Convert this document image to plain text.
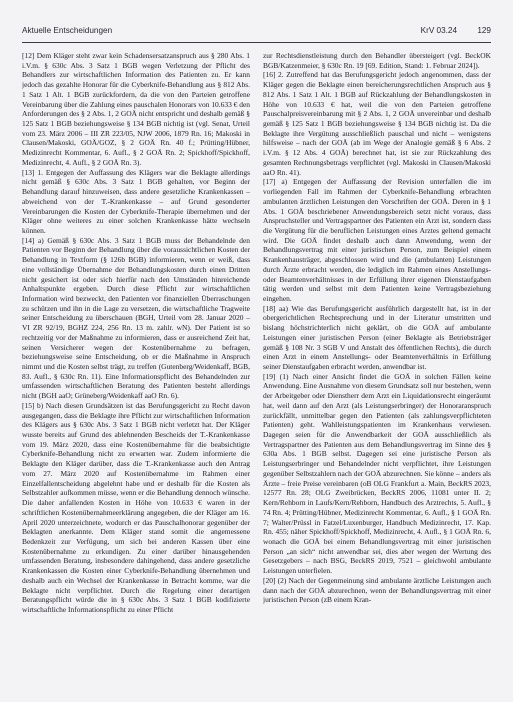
Aktuelle Entscheidungen	KrV 03.24 129

[12] Dem Kläger steht zwar kein Schadensersatzanspruch aus § 280 Abs. 1 i.V.m. § 630c Abs. 3 Satz 1 BGB wegen Verletzung der Pflicht des Behandlers zur wirtschaftlichen Information des Patienten zu. Er kann jedoch das gezahlte Honorar für die Cyberknife-Behandlung aus § 812 Abs. 1 Satz 1 Alt. 1 BGB zurückfordern, da die von den Parteien getroffene Vereinbarung über die Zahlung eines pauschalen Honorars von 10.633 € den Anforderungen des § 2 Abs. 1, 2 GOÄ nicht entspricht und deshalb gemäß § 125 Satz 1 BGB beziehungsweise § 134 BGB nichtig ist (vgl. Senat, Urteil vom 23. März 2006 – III ZR 223/05, NJW 2006, 1879 Rn. 16; Makoski in Clausen/Makoski, GOÄ/GOZ, § 2 GOÄ Rn. 40 f.; Prütting/Hübner, Medizinrecht Kommentar, 6. Aufl., § 2 GOÄ Rn. 2; Spickhoff/Spickhoff, Medizinrecht, 4. Aufl., § 2 GOÄ Rn. 3).

[13] 1. Entgegen der Auffassung des Klägers war die Beklagte allerdings nicht gemäß § 630c Abs. 3 Satz 1 BGB gehalten, vor Beginn der Behandlung darauf hinzuweisen, dass andere gesetzliche Krankenkassen – abweichend von der T.-Krankenkasse – auf Grund gesonderter Vereinbarungen die Kosten der Cyberknife-Therapie übernehmen und der Kläger ohne weiteres zu einer solchen Krankenkasse hätte wechseln können.

[14] a) Gemäß § 630c Abs. 3 Satz 1 BGB muss der Behandelnde den Patienten vor Beginn der Behandlung über die voraussichtlichen Kosten der Behandlung in Textform (§ 126b BGB) informieren, wenn er weiß, dass eine vollständige Übernahme der Behandlungskosten durch einen Dritten nicht gesichert ist oder sich hierfür nach den Umständen hinreichende Anhaltspunkte ergeben. Durch diese Pflicht zur wirtschaftlichen Information wird bezweckt, den Patienten vor finanziellen Überraschungen zu schützen und ihn in die Lage zu versetzen, die wirtschaftliche Tragweite seiner Entscheidung zu überschauen (BGH, Urteil vom 28. Januar 2020 – VI ZR 92/19, BGHZ 224, 256 Rn. 13 m. zahlr. wN). Der Patient ist so rechtzeitig vor der Maßnahme zu informieren, dass er ausreichend Zeit hat, seinen Versicherer wegen der Kostenübernahme zu befragen, beziehungsweise seine Entscheidung, ob er die Maßnahme in Anspruch nimmt und die Kosten selbst trägt, zu treffen (Gutenberg/Weidenkaff, BGB, 83. Aufl., § 630c Rn. 11). Eine Informationspflicht des Behandelnden zur umfassenden wirtschaftlichen Beratung des Patienten besteht allerdings nicht (BGH aaO; Grüneberg/Weidenkaff aaO Rn. 6).

[15] b) Nach diesen Grundsätzen ist das Berufungsgericht zu Recht davon ausgegangen, dass die Beklagte ihre Pflicht zur wirtschaftlichen Information des Klägers aus § 630c Abs. 3 Satz 1 BGB nicht verletzt hat. Der Kläger wusste bereits auf Grund des ablehnenden Bescheids der T.-Krankenkasse vom 19. März 2020, dass eine Kostenübernahme für die beabsichtigte Cyberknife-Behandlung nicht zu erwarten war. Zudem informierte die Beklagte den Kläger darüber, dass die T.-Krankenkasse auch den Antrag vom 27. März 2020 auf Kostenübernahme im Rahmen einer Einzelfallentscheidung abgelehnt habe und er deshalb für die Kosten als Selbstzahler aufkommen müsse, wenn er die Behandlung dennoch wünsche. Die daher anfallenden Kosten in Höhe von 10.633 € waren in der schriftlichen Kostenübernahmeerklärung angegeben, die der Kläger am 16. April 2020 unterzeichnete, wodurch er das Pauschalhonorar gegenüber der Beklagten anerkannte. Dem Kläger stand somit die angemessene Bedenkzeit zur Verfügung, um sich bei anderen Kassen über eine Kostenübernahme zu erkundigen. Zu einer darüber hinausgehenden umfassenden Beratung, insbesondere dahingehend, dass andere gesetzliche Krankenkassen die Kosten einer Cyberknife-Behandlung übernehmen und deshalb auch ein Wechsel der Krankenkasse in Betracht komme, war die Beklagte nicht verpflichtet. Durch die Regelung einer derartigen Beratungspflicht würde die in § 630c Abs. 3 Satz 1 BGB kodifizierte wirtschaftliche Informationspflicht zu einer Pflicht

zur Rechtsdienstleistung durch den Behandler übersteigert (vgl. BeckOK BGB/Katzenmeier, § 630c Rn. 19 [69. Edition, Stand: 1. Februar 2024]).

[16] 2. Zutreffend hat das Berufungsgericht jedoch angenommen, dass der Kläger gegen die Beklagte einen bereicherungsrechtlichen Anspruch aus § 812 Abs. 1 Satz 1 Alt. 1 BGB auf Rückzahlung der Behandlungskosten in Höhe von 10.633 € hat, weil die von den Parteien getroffene Pauschalpreisvereinbarung mit § 2 Abs. 1, 2 GOÄ unvereinbar und deshalb gemäß § 125 Satz 1 BGB beziehungsweise § 134 BGB nichtig ist. Da die Beklagte ihre Vergütung ausschließlich pauschal und nicht – wenigstens hilfsweise – nach der GOÄ (ab im Wege der Analogie gemäß § 6 Abs. 2 i.V.m. § 12 Abs. 4 GOÄ) berechnet hat, ist sie zur Rückzahlung des gesamten Rechnungsbetrags verpflichtet (vgl. Makoski in Clausen/Makoski aaO Rn. 41).

[17] a) Entgegen der Auffassung der Revision unterfallen die im vorliegenden Fall im Rahmen der Cyberknife-Behandlung erbrachten ambulanten ärztlichen Leistungen den Vorschriften der GOÄ. Deren in § 1 Abs. 1 GOÄ beschriebener Anwendungsbereich setzt nicht voraus, dass Anspruchsteller und Vertragspartner des Patienten ein Arzt ist, sondern dass die Vergütung für die beruflichen Leistungen eines Arztes geltend gemacht wird. Die GOÄ findet deshalb auch dann Anwendung, wenn der Behandlungsvertrag mit einer juristischen Person, zum Beispiel einem Krankenhausträger, abgeschlossen wird und die (ambulanten) Leistungen durch Ärzte erbracht werden, die lediglich im Rahmen eines Anstellungs- oder Beamtenverhältnisses in der Erfüllung ihrer eigenen Dienstaufgaben tätig werden und selbst mit dem Patienten keine Vertragsbeziehung eingehen.

[18] aa) Wie das Berufungsgericht ausführlich dargestellt hat, ist in der obergerichtlichen Rechtsprechung und in der Literatur umstritten und bislang höchstrichterlich nicht geklärt, ob die GOÄ auf ambulante Leistungen einer juristischen Person (einer Beklagte als Betriebsträger gemäß § 108 Nr. 3 SGB V und Anstalt des öffentlichen Rechts), die durch einen Arzt in einem Anstellungs- oder Beamtenverhältnis in Erfüllung seiner Dienstaufgaben erbracht werden, anwendbar ist.

[19] (1) Nach einer Ansicht findet die GOÄ in solchen Fällen keine Anwendung. Eine Ausnahme von diesem Grundsatz soll nur bestehen, wenn der Arbeitgeber oder Dienstherr dem Arzt ein Liquidationsrecht eingeräumt hat, weil dann auf den Arzt (als Leistungserbringer) der Honoraranspruch zurückfällt, unmittelbar gegen den Patienten (als zahlungsverpflichteten Patienten) geht. Wahlleistungspatienten im Krankenhaus verwiesen. Dagegen seien für die Anwendbarkeit der GOÄ ausschließlich als Vertragspartner des Patienten aus dem Behandlungsvertrag im Sinne des § 630a Abs. 1 BGB selbst. Dagegen sei eine juristische Person als Leistungserbringer und Behandelnder nicht verpflichtet, ihre Leistungen gegenüber Selbstzahlern nach der GOÄ abzurechnen. Sie könne – anders als Ärzte – freie Preise vereinbaren (oB OLG Frankfurt a. Main, BeckRS 2023, 12577 Rn. 28; OLG Zweibrücken, BeckRS 2006, 11081 unter II. 2; Kern/Rehborn in Laufs/Kern/Rehborn, Handbuch des Arztrechts, 5. Aufl., § 74 Rn. 4; Prütting/Hübner, Medizinrecht Kommentar, 6. Aufl., § 1 GOÄ Rn. 7; Walter/Prüssl in Fatzel/Luxenburger, Handbuch Medizinrecht, 17. Kap. Rn. 455; näher Spickhoff/Spickhoff, Medizinrecht, 4. Aufl., § 1 GOÄ Rn. 6, wonach die GOÄ bei einem Behandlungsvertrag mit einer juristischen Person „an sich“ nicht anwendbar sei, dies aber wegen der Wertung des Gesetzgebers – nach BSG, BeckRS 2019, 7521 – gleichwohl ambulante Leistungen unterfielen.

[20] (2) Nach der Gegenmeinung sind ambulante ärztliche Leistungen auch dann nach der GOÄ abzurechnen, wenn der Behandlungsvertrag mit einer juristischen Person (zB einem Kran-
